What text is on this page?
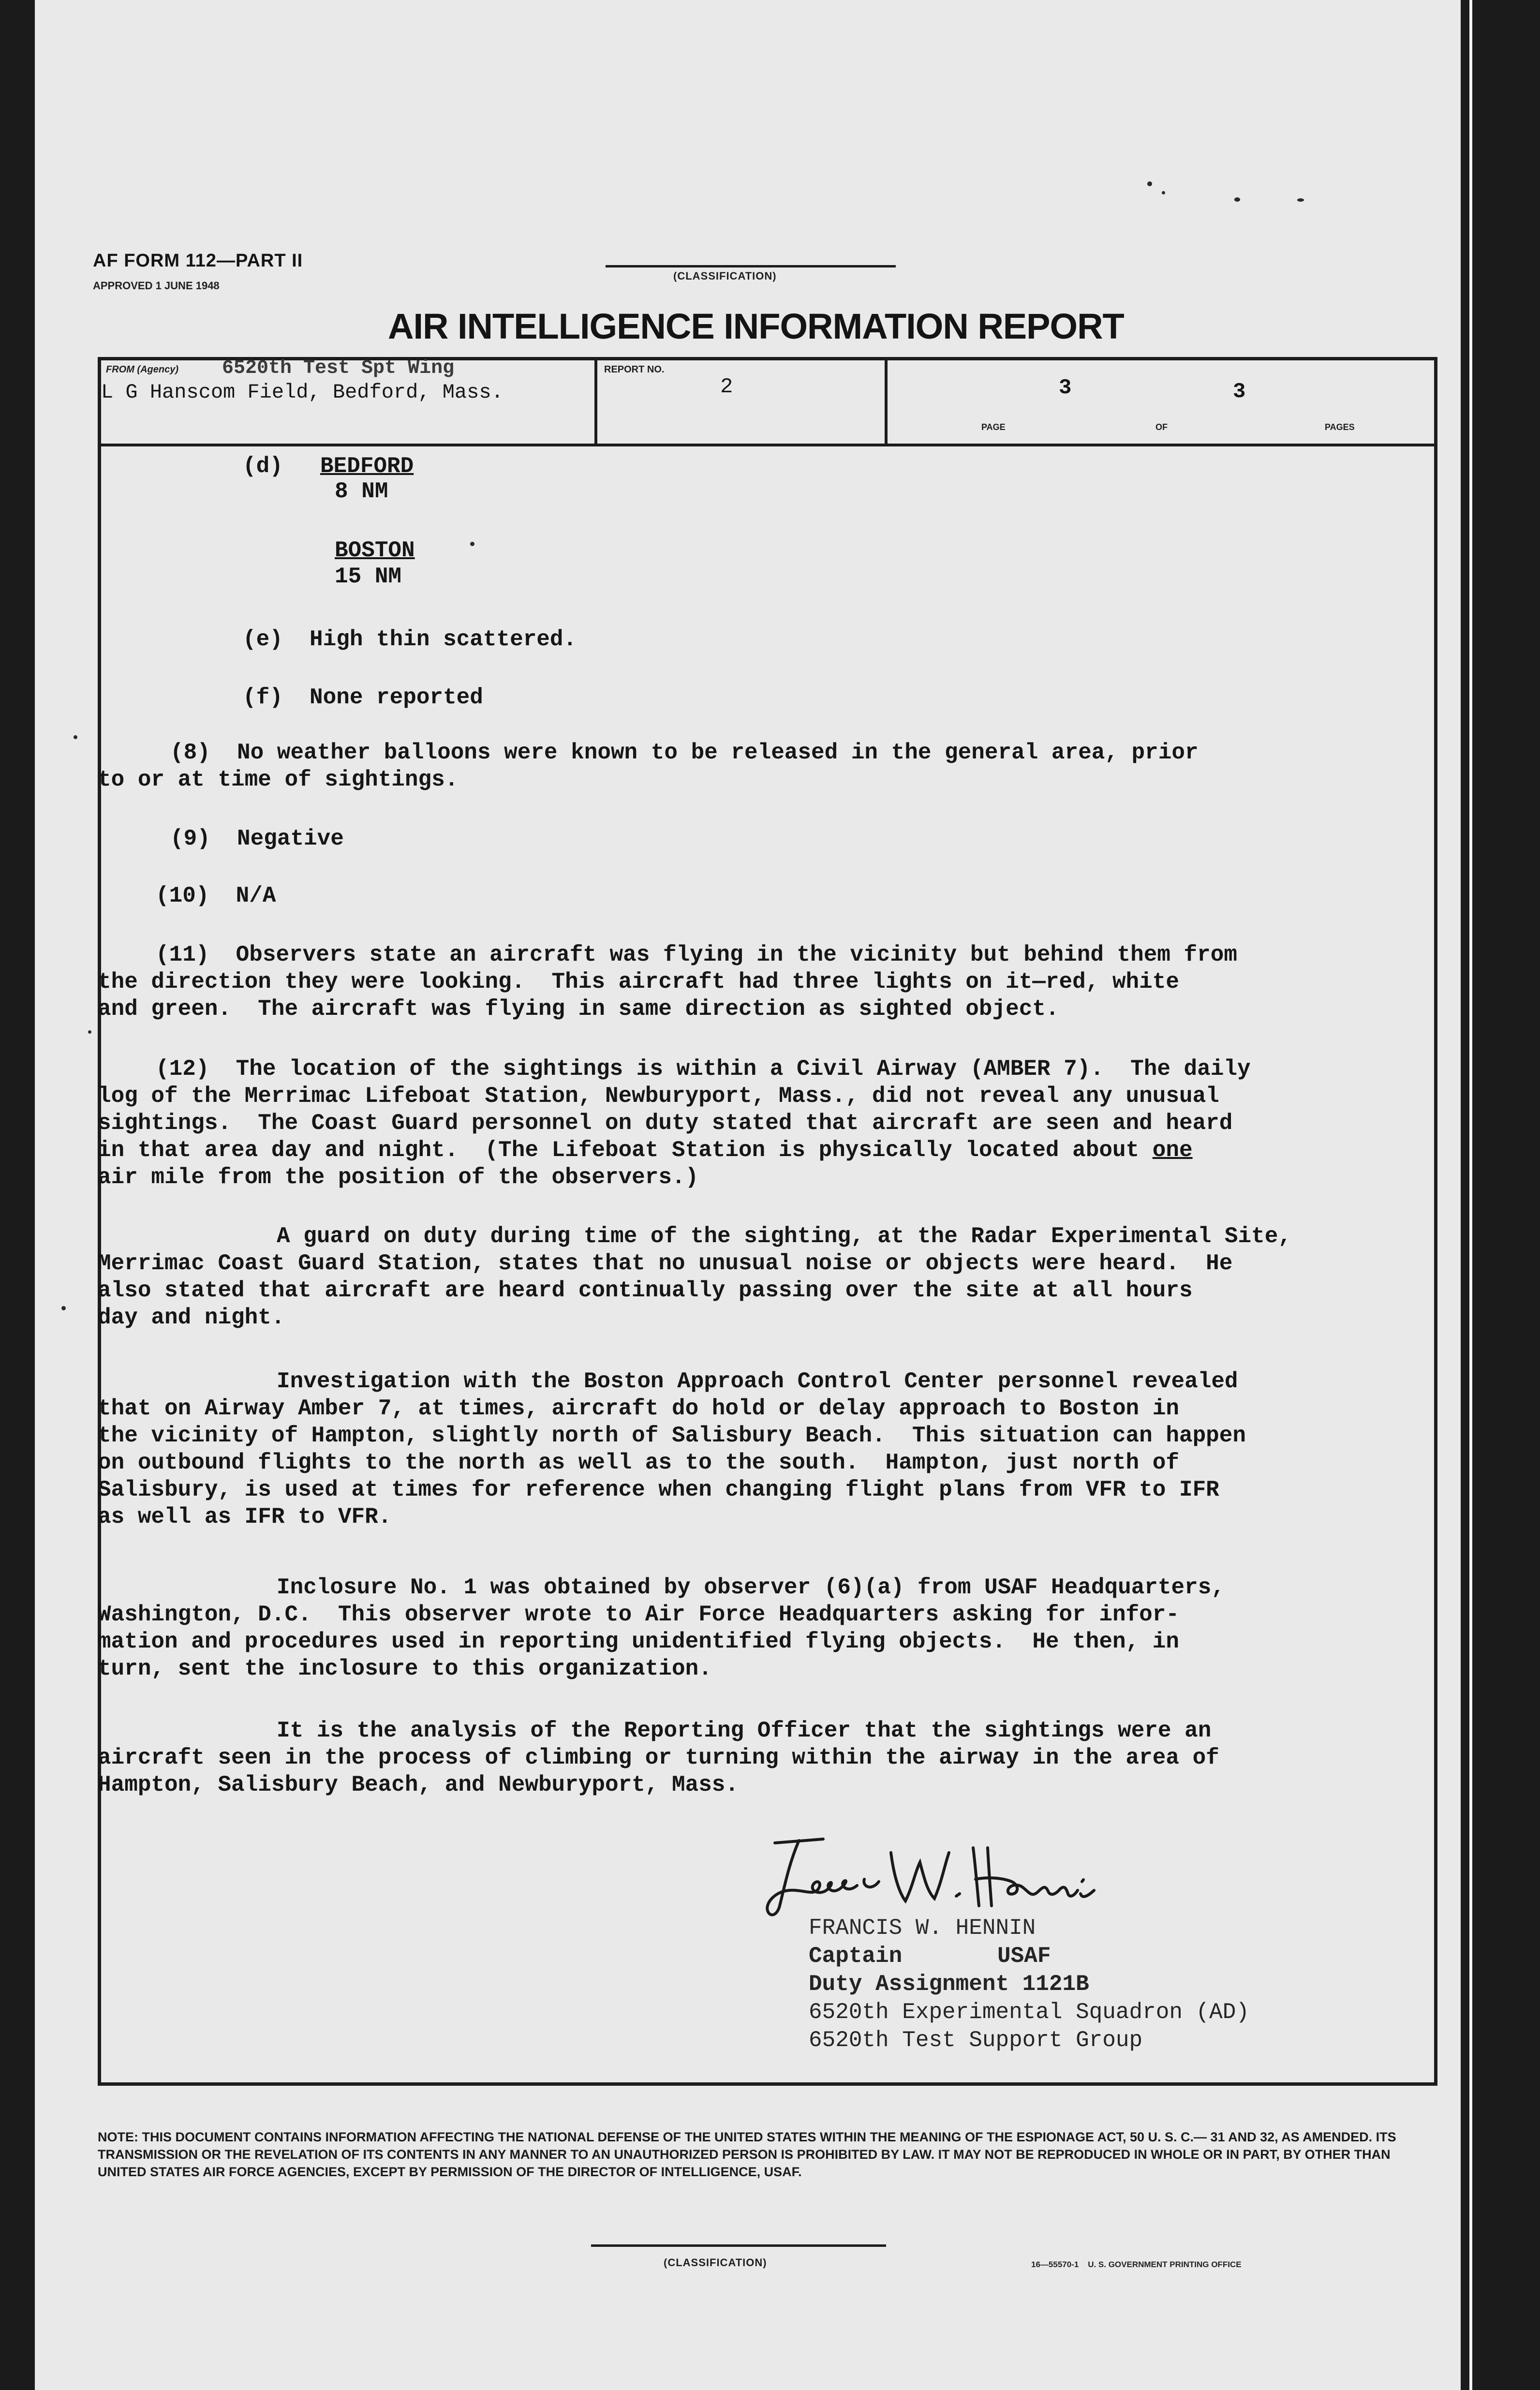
AF FORM 112—PART II
APPROVED 1 JUNE 1948
(CLASSIFICATION)
AIR INTELLIGENCE INFORMATION REPORT
FROM (Agency) 6520th Test Spt Wing
L G Hanscom Field, Bedford, Mass.
REPORT NO.
2	3	3
PAGE	OF	PAGES
(d) BEDFORD
8 NM
BOSTON
15 NM
(e)  High thin scattered.
(f)  None reported
(8)  No weather balloons were known to be released in the general area, prior
to or at time of sightings.
(9)  Negative
(10)  N/A
(11)  Observers state an aircraft was flying in the vicinity but behind them from
the direction they were looking.  This aircraft had three lights on it—red, white
and green.  The aircraft was flying in same direction as sighted object.
(12)  The location of the sightings is within a Civil Airway (AMBER 7).  The daily
log of the Merrimac Lifeboat Station, Newburyport, Mass., did not reveal any unusual
sightings.  The Coast Guard personnel on duty stated that aircraft are seen and heard
in that area day and night.  (The Lifeboat Station is physically located about one
air mile from the position of the observers.)
A guard on duty during time of the sighting, at the Radar Experimental Site,
Merrimac Coast Guard Station, states that no unusual noise or objects were heard.  He
also stated that aircraft are heard continually passing over the site at all hours
day and night.
Investigation with the Boston Approach Control Center personnel revealed
that on Airway Amber 7, at times, aircraft do hold or delay approach to Boston in
the vicinity of Hampton, slightly north of Salisbury Beach.  This situation can happen
on outbound flights to the north as well as to the south.  Hampton, just north of
Salisbury, is used at times for reference when changing flight plans from VFR to IFR
as well as IFR to VFR.
Inclosure No. 1 was obtained by observer (6)(a) from USAF Headquarters,
Washington, D.C.  This observer wrote to Air Force Headquarters asking for infor-
mation and procedures used in reporting unidentified flying objects.  He then, in
turn, sent the inclosure to this organization.
It is the analysis of the Reporting Officer that the sightings were an
aircraft seen in the process of climbing or turning within the airway in the area of
Hampton, Salisbury Beach, and Newburyport, Mass.
FRANCIS W. HENNIN
Captain	USAF
Duty Assignment 1121B
6520th Experimental Squadron (AD)
6520th Test Support Group
NOTE: THIS DOCUMENT CONTAINS INFORMATION AFFECTING THE NATIONAL DEFENSE OF THE UNITED STATES WITHIN THE MEANING OF THE ESPIONAGE ACT, 50 U. S. C.— 31 AND 32, AS AMENDED. ITS TRANSMISSION OR THE REVELATION OF ITS CONTENTS IN ANY MANNER TO AN UNAUTHORIZED PERSON IS PROHIBITED BY LAW. IT MAY NOT BE REPRODUCED IN WHOLE OR IN PART, BY OTHER THAN UNITED STATES AIR FORCE AGENCIES, EXCEPT BY PERMISSION OF THE DIRECTOR OF INTELLIGENCE, USAF.
(CLASSIFICATION)	16—55570-1    U. S. GOVERNMENT PRINTING OFFICE
